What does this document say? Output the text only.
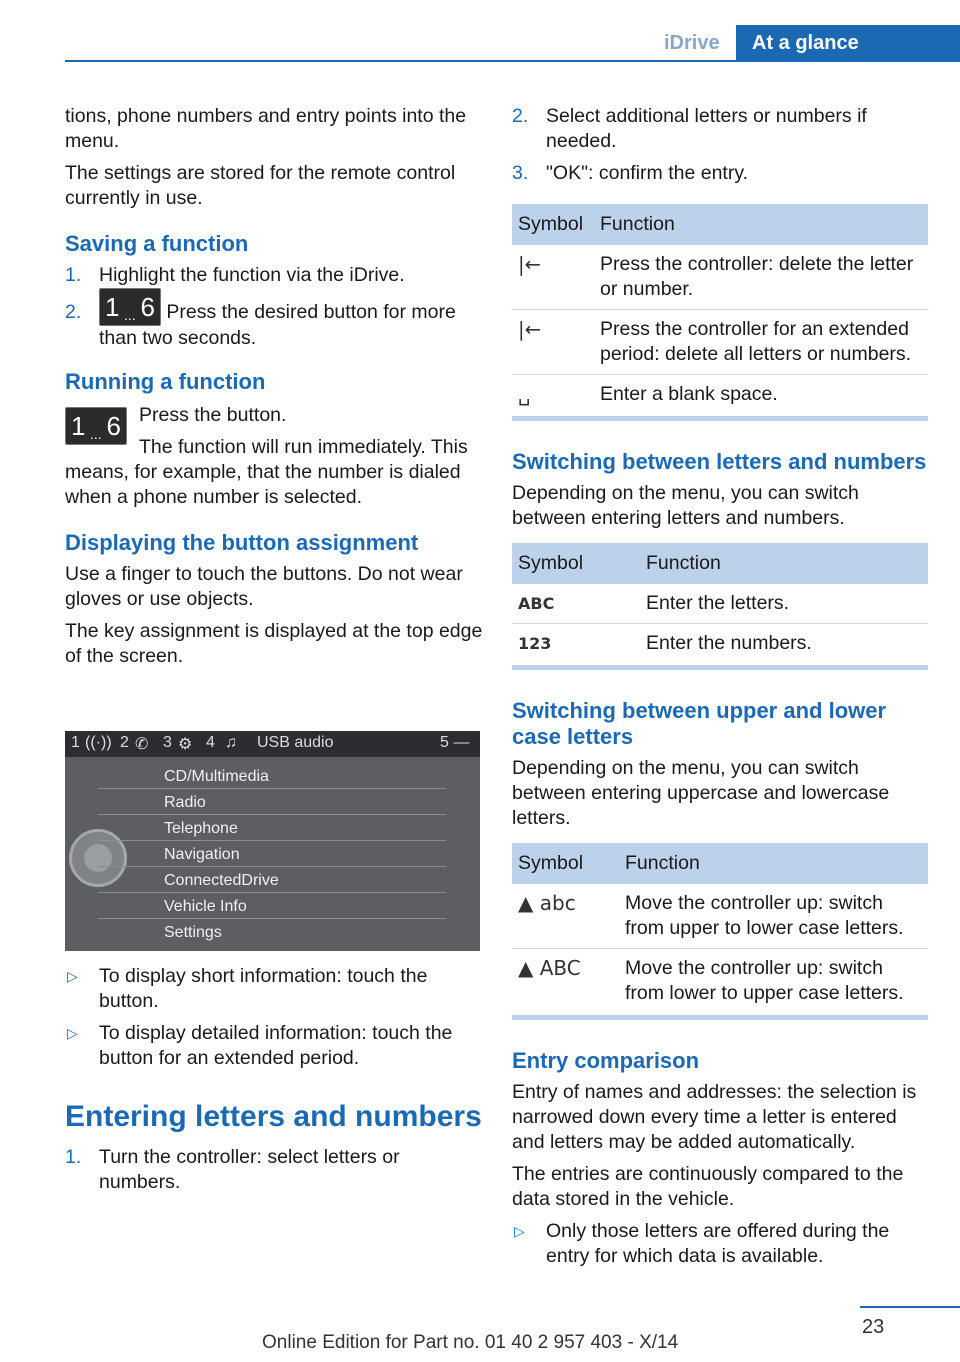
iDrive	At a glance

tions, phone numbers and entry points into the menu.

The settings are stored for the remote control currently in use.

Saving a function
1. Highlight the function via the iDrive.
2. 1 ... 6 Press the desired button for more than two seconds.
Running a function
1 ... 6 Press the button.

The function will run immediately. This means, for example, that the number is dialed when a phone number is selected.

Displaying the button assignment

Use a finger to touch the buttons. Do not wear gloves or use objects.

The key assignment is displayed at the top edge of the screen.

1 ((·)) 2 ✆ 3 ⚙ 4 ♫ USB audio	5 —
CD/Multimedia
Radio
Telephone
Navigation
ConnectedDrive
Vehicle Info
Settings
▷ To display short information: touch the button.
▷ To display detailed information: touch the button for an extended period.
Entering letters and numbers
1. Turn the controller: select letters or numbers.
2. Select additional letters or numbers if needed.
3. "OK": confirm the entry.
Symbol	Function
|←	Press the controller: delete the letter or number.
|←	Press the controller for an extended period: delete all letters or numbers.
␣	Enter a blank space.
Switching between letters and numbers

Depending on the menu, you can switch between entering letters and numbers.

Symbol	Function
ABC	Enter the letters.
123	Enter the numbers.
Switching between upper and lower case letters

Depending on the menu, you can switch between entering uppercase and lowercase letters.

Symbol	Function
▲ abc	Move the controller up: switch from upper to lower case letters.
▲ ABC	Move the controller up: switch from lower to upper case letters.
Entry comparison

Entry of names and addresses: the selection is narrowed down every time a letter is entered and letters may be added automatically.

The entries are continuously compared to the data stored in the vehicle.

▷ Only those letters are offered during the entry for which data is available.
23
Online Edition for Part no. 01 40 2 957 403 - X/14
